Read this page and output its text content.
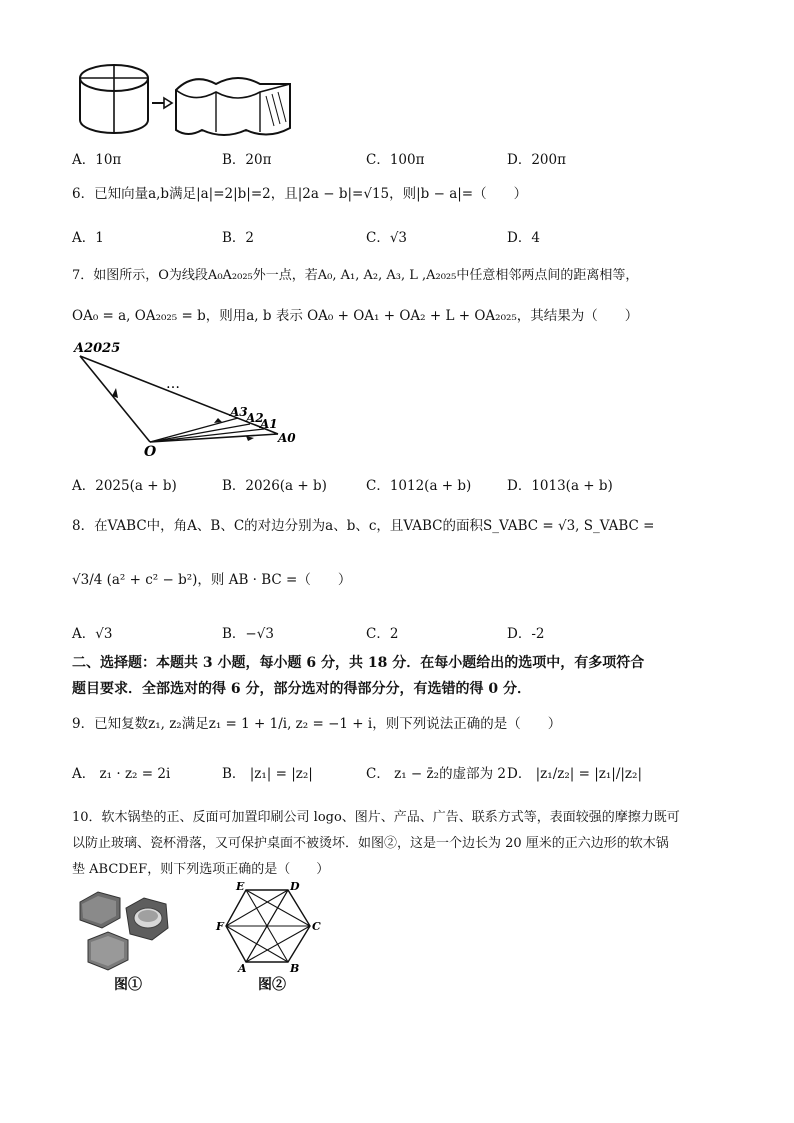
A．10π	B．20π	C．100π	D．200π
6．已知向量a,b满足|a|=2|b|=2，且|2a − b|=√15，则|b − a|=（　　）
A．1	B．2	C．√3	D．4
7．如图所示，O为线段A₀A₂₀₂₅外一点，若A₀, A₁, A₂, A₃, L ,A₂₀₂₅中任意相邻两点间的距离相等，
OA₀ = a, OA₂₀₂₅ = b，则用a, b 表示 OA₀ + OA₁ + OA₂ + L + OA₂₀₂₅，其结果为（　　）
A2025
O
A3
A2
A1
A0
…
A．2025(a + b)	B．2026(a + b)	C．1012(a + b)	D．1013(a + b)
8．在VABC中，角A、B、C的对边分别为a、b、c，且VABC的面积S_VABC = √3, S_VABC =
√3/4 (a² + c² − b²)，则 AB · BC =（　　）
A．√3	B．−√3	C．2	D．-2
二、选择题：本题共 3 小题，每小题 6 分，共 18 分．在每小题给出的选项中，有多项符合
题目要求．全部选对的得 6 分，部分选对的得部分分，有选错的得 0 分．
9．已知复数z₁, z₂满足z₁ = 1 + 1/i, z₂ = −1 + i，则下列说法正确的是（　　）
A． z₁ · z₂ = 2i	B． |z₁| = |z₂|	C． z₁ − z̄₂的虚部为 2 D． |z₁/z₂| = |z₁|/|z₂|
10．软木锅垫的正、反面可加置印刷公司 logo、图片、产品、广告、联系方式等，表面较强的摩擦力既可
以防止玻璃、瓷杯滑落，又可保护桌面不被烫坏．如图②，这是一个边长为 20 厘米的正六边形的软木锅
垫 ABCDEF，则下列选项正确的是（　　）
图①
E	D
F	C
A	B
图②
